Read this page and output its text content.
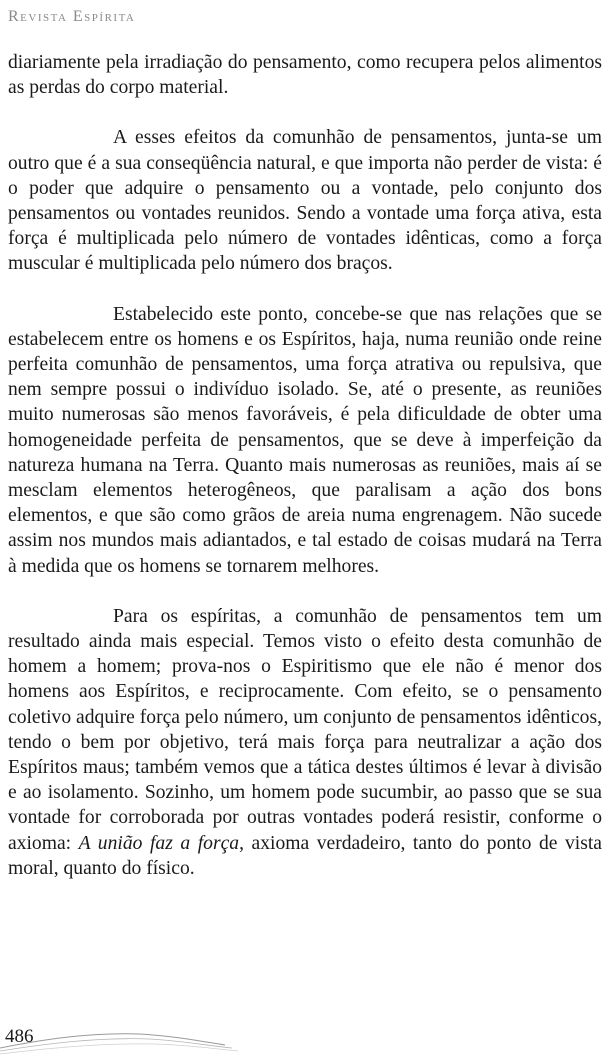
Revista Espírita

diariamente pela irradiação do pensamento, como recupera pelos alimentos as perdas do corpo material.

A esses efeitos da comunhão de pensamentos, junta-se um outro que é a sua conseqüência natural, e que importa não perder de vista: é o poder que adquire o pensamento ou a vontade, pelo conjunto dos pensamentos ou vontades reunidos. Sendo a vontade uma força ativa, esta força é multiplicada pelo número de vontades idênticas, como a força muscular é multiplicada pelo número dos braços.

Estabelecido este ponto, concebe-se que nas relações que se estabelecem entre os homens e os Espíritos, haja, numa reunião onde reine perfeita comunhão de pensamentos, uma força atrativa ou repulsiva, que nem sempre possui o indivíduo isolado. Se, até o presente, as reuniões muito numerosas são menos favoráveis, é pela dificuldade de obter uma homogeneidade perfeita de pensamentos, que se deve à imperfeição da natureza humana na Terra. Quanto mais numerosas as reuniões, mais aí se mesclam elementos heterogêneos, que paralisam a ação dos bons elementos, e que são como grãos de areia numa engrenagem. Não sucede assim nos mundos mais adiantados, e tal estado de coisas mudará na Terra à medida que os homens se tornarem melhores.

Para os espíritas, a comunhão de pensamentos tem um resultado ainda mais especial. Temos visto o efeito desta comunhão de homem a homem; prova-nos o Espiritismo que ele não é menor dos homens aos Espíritos, e reciprocamente. Com efeito, se o pensamento coletivo adquire força pelo número, um conjunto de pensamentos idênticos, tendo o bem por objetivo, terá mais força para neutralizar a ação dos Espíritos maus; também vemos que a tática destes últimos é levar à divisão e ao isolamento. Sozinho, um homem pode sucumbir, ao passo que se sua vontade for corroborada por outras vontades poderá resistir, conforme o axioma: A união faz a força, axioma verdadeiro, tanto do ponto de vista moral, quanto do físico.

486
